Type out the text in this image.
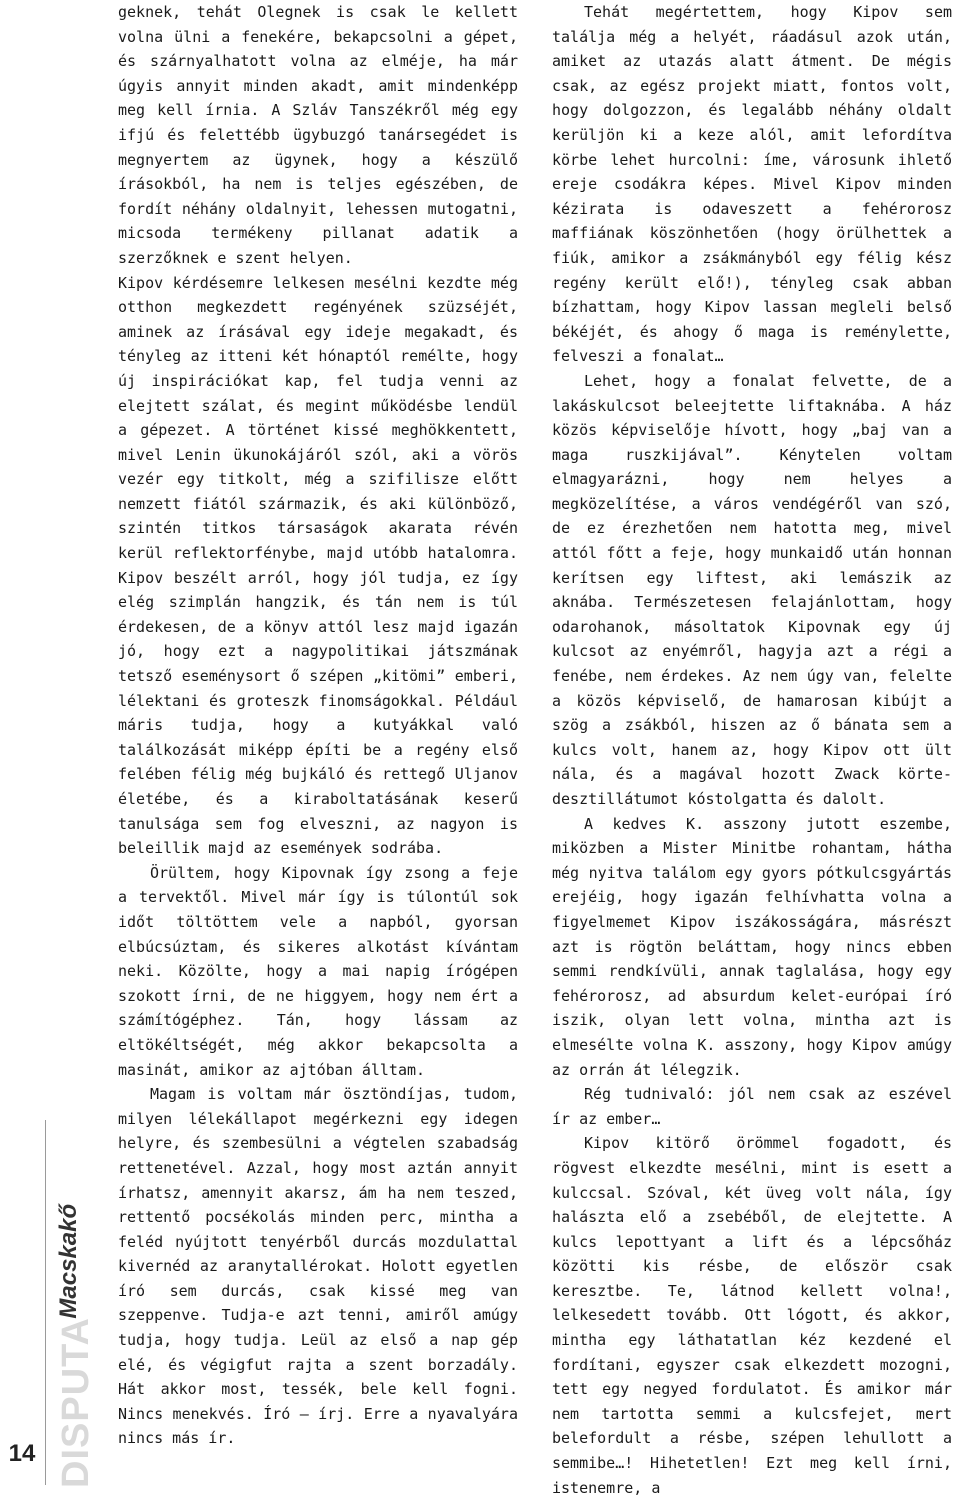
DISPUTA Macskakő
14

geknek, tehát Olegnek is csak le kellett volna ülni a fenekére, bekapcsolni a gépet, és szárnyalhatott volna az elméje, ha már úgyis annyit minden akadt, amit mindenképp meg kell írnia. A Szláv Tanszékről még egy ifjú és felettébb ügybuzgó tanársegédet is megnyertem az ügynek, hogy a készülő írásokból, ha nem is teljes egészében, de fordít néhány oldalnyit, lehessen mutogatni, micsoda termékeny pillanat adatik a szerzőknek e szent helyen.

Kipov kérdésemre lelkesen mesélni kezdte még otthon megkezdett regényének szüzséjét, aminek az írásával egy ideje megakadt, és tényleg az itteni két hónaptól remélte, hogy új inspirációkat kap, fel tudja venni az elejtett szálat, és megint működésbe lendül a gépezet. A történet kissé meghökkentett, mivel Lenin ükunokájáról szól, aki a vörös vezér egy titkolt, még a szifilisze előtt nemzett fiától származik, és aki különböző, szintén titkos társaságok akarata révén kerül reflektorfénybe, majd utóbb hatalomra. Kipov beszélt arról, hogy jól tudja, ez így elég szimplán hangzik, és tán nem is túl érdekesen, de a könyv attól lesz majd igazán jó, hogy ezt a nagypolitikai játszmának tetsző eseménysort ő szépen „kitömi” emberi, lélektani és groteszk finomságokkal. Például máris tudja, hogy a kutyákkal való találkozását miképp építi be a regény első felében félig még bujkáló és rettegő Uljanov életébe, és a kiraboltatásának keserű tanulsága sem fog elveszni, az nagyon is beleillik majd az események sodrába.

Örültem, hogy Kipovnak így zsong a feje a tervektől. Mivel már így is túlontúl sok időt töltöttem vele a napból, gyorsan elbúcsúztam, és sikeres alkotást kívántam neki. Közölte, hogy a mai napig írógépen szokott írni, de ne higgyem, hogy nem ért a számítógéphez. Tán, hogy lássam az eltökéltségét, még akkor bekapcsolta a masinát, amikor az ajtóban álltam.

Magam is voltam már ösztöndíjas, tudom, milyen lélekállapot megérkezni egy idegen helyre, és szembesülni a végtelen szabadság rettenetével. Azzal, hogy most aztán annyit írhatsz, amennyit akarsz, ám ha nem teszed, rettentő pocsékolás minden perc, mintha a feléd nyújtott tenyérből durcás mozdulattal kivernéd az aranytallérokat. Holott egyetlen író sem durcás, csak kissé meg van szeppenve. Tudja-e azt tenni, amiről amúgy tudja, hogy tudja. Leül az első a nap gép elé, és végigfut rajta a szent borzadály. Hát akkor most, tessék, bele kell fogni. Nincs menekvés. Író – írj. Erre a nyavalyára nincs más ír.

Tehát megértettem, hogy Kipov sem találja még a helyét, ráadásul azok után, amiket az utazás alatt átment. De mégis csak, az egész projekt miatt, fontos volt, hogy dolgozzon, és legalább néhány oldalt kerüljön ki a keze alól, amit lefordítva körbe lehet hurcolni: íme, városunk ihlető ereje csodákra képes. Mivel Kipov minden kézirata is odaveszett a fehérorosz maffiának köszönhetően (hogy örülhettek a fiúk, amikor a zsákmányból egy félig kész regény került elő!), tényleg csak abban bízhattam, hogy Kipov lassan megleli belső békéjét, és ahogy ő maga is reménylette, felveszi a fonalat…

Lehet, hogy a fonalat felvette, de a lakáskulcsot beleejtette liftaknába. A ház közös képviselője hívott, hogy „baj van a maga ruszkijával”. Kénytelen voltam elmagyarázni, hogy nem helyes a megközelítése, a város vendégéről van szó, de ez érezhetően nem hatotta meg, mivel attól főtt a feje, hogy munkaidő után honnan kerítsen egy liftest, aki lemászik az aknába. Természetesen felajánlottam, hogy odarohanok, másoltatok Kipovnak egy új kulcsot az enyémről, hagyja azt a régi a fenébe, nem érdekes. Az nem úgy van, felelte a közös képviselő, de hamarosan kibújt a szög a zsákból, hiszen az ő bánata sem a kulcs volt, hanem az, hogy Kipov ott ült nála, és a magával hozott Zwack körte-desztillátumot kóstolgatta és dalolt.

A kedves K. asszony jutott eszembe, miközben a Mister Minitbe rohantam, hátha még nyitva találom egy gyors pótkulcsgyártás erejéig, hogy igazán felhívhatta volna a figyelmemet Kipov iszákosságára, másrészt azt is rögtön beláttam, hogy nincs ebben semmi rendkívüli, annak taglalása, hogy egy fehérorosz, ad absurdum kelet-európai író iszik, olyan lett volna, mintha azt is elmesélte volna K. asszony, hogy Kipov amúgy az orrán át lélegzik.

Rég tudnivaló: jól nem csak az eszével ír az ember…

Kipov kitörő örömmel fogadott, és rögvest elkezdte mesélni, mint is esett a kulccsal. Szóval, két üveg volt nála, így halászta elő a zsebéből, de elejtette. A kulcs lepottyant a lift és a lépcsőház közötti kis résbe, de először csak keresztbe. Te, látnod kellett volna!, lelkesedett tovább. Ott lógott, és akkor, mintha egy láthatatlan kéz kezdené el fordítani, egyszer csak elkezdett mozogni, tett egy negyed fordulatot. És amikor már nem tartotta semmi a kulcsfejet, mert belefordult a résbe, szépen lehullott a semmibe…! Hihetetlen! Ezt meg kell írni, istenemre, a
